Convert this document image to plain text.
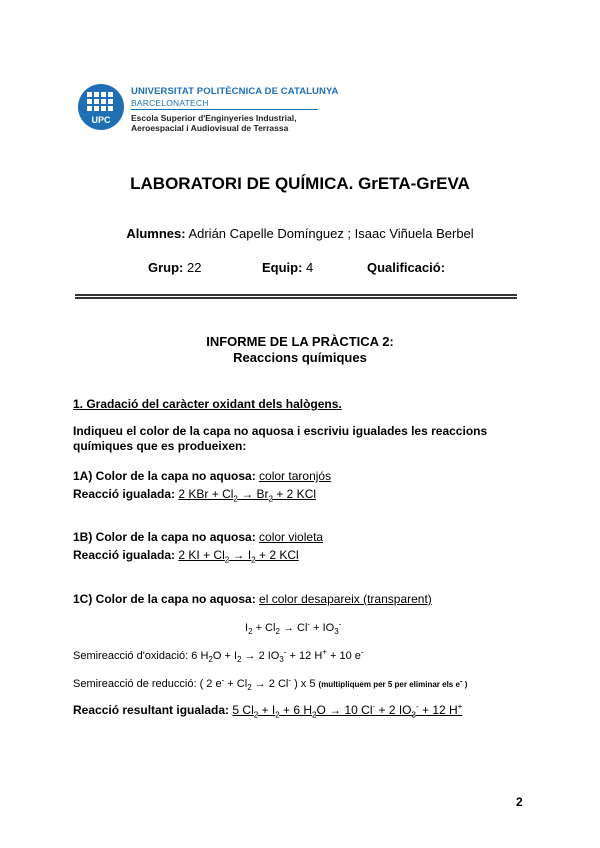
UPC
UNIVERSITAT POLITÈCNICA DE CATALUNYA
BARCELONATECH
Escola Superior d'Enginyeries Industrial,
Aeroespacial i Audiovisual de Terrassa
LABORATORI DE QUÍMICA. GrETA-GrEVA
Alumnes: Adrián Capelle Domínguez ; Isaac Viñuela Berbel
Grup: 22	Equip: 4	Qualificació:
INFORME DE LA PRÀCTICA 2:
Reaccions químiques
1. Gradació del caràcter oxidant dels halògens.
Indiqueu el color de la capa no aquosa i escriviu igualades les reaccions
químiques que es produeixen:
1A) Color de la capa no aquosa: color taronjós
Reacció igualada: 2 KBr + $Cl_2 \to Br_2 + 2$ KCl
1B) Color de la capa no aquosa: color violeta
Reacció igualada: 2 KI + $Cl_2 \to I_2 + 2$ KCl
1C) Color de la capa no aquosa: el color desapareix (transparent)
$I_2 + Cl_2 \to Cl^- + IO_3^-$
Semireacció d'oxidació: 6 $H_2O + I_2 \to 2$ $IO_3^- + 12$ H+ + 10 e-
Semireacció de reducció: ( 2 $e^- + Cl_2 \to 2$ Cl- ) x 5 (multipliquem per 5 per eliminar els e- )
Reacció resultant igualada: 5 $Cl_2 + I_2 + 6$ $H_2O \to 10$ Cl- + 2 $IO_3^- + 12$ H+
2
